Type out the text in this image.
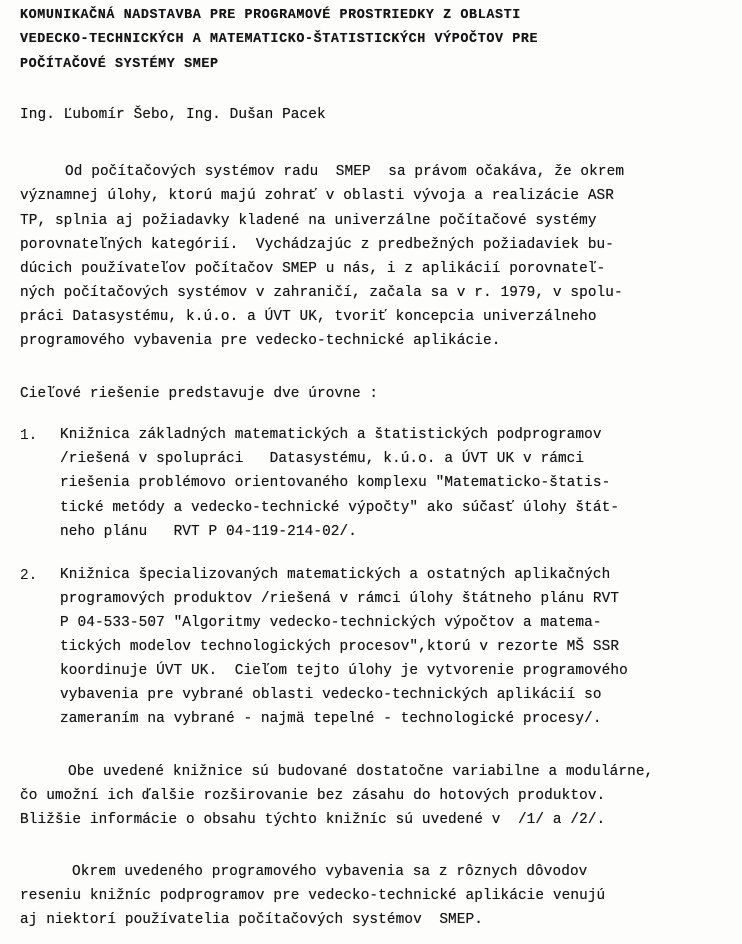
KOMUNIKAČNÁ NADSTAVBA PRE PROGRAMOVÉ PROSTRIEDKY Z OBLASTI
VEDECKO-TECHNICKÝCH A MATEMATICKO-ŠTATISTICKÝCH VÝPOČTOV PRE
POČÍTAČOVÉ SYSTÉMY SMEP
Ing. Ľubomír Šebo, Ing. Dušan Pacek
Od počítačových systémov radu  SMEP  sa právom očakáva, že okrem
významnej úlohy, ktorú majú zohrať v oblasti vývoja a realizácie ASR
TP, splnia aj požiadavky kladené na univerzálne počítačové systémy
porovnateľných kategórií.  Vychádzajúc z predbežných požiadaviek bu-
dúcich používateľov počítačov SMEP u nás, i z aplikácií porovnateľ-
ných počítačových systémov v zahraničí, začala sa v r. 1979, v spolu-
práci Datasystému, k.ú.o. a ÚVT UK, tvoriť koncepcia univerzálneho
programového vybavenia pre vedecko-technické aplikácie.
Cieľové riešenie predstavuje dve úrovne :
1. Knižnica základných matematických a štatistických podprogramov
/riešená v spolupráci   Datasystému, k.ú.o. a ÚVT UK v rámci
riešenia problémovo orientovaného komplexu "Matematicko-štatis-
tické metódy a vedecko-technické výpočty" ako súčasť úlohy štát-
neho plánu   RVT P 04-119-214-02/.
2. Knižnica špecializovaných matematických a ostatných aplikačných
programových produktov /riešená v rámci úlohy štátneho plánu RVT
P 04-533-507 "Algoritmy vedecko-technických výpočtov a matema-
tických modelov technologických procesov",ktorú v rezorte MŠ SSR
koordinuje ÚVT UK.  Cieľom tejto úlohy je vytvorenie programového
vybavenia pre vybrané oblasti vedecko-technických aplikácií so
zameraním na vybrané - najmä tepelné - technologické procesy/.
Obe uvedené knižnice sú budované dostatočne variabilne a modulárne,
čo umožní ich ďalšie rozširovanie bez zásahu do hotových produktov.
Bližšie informácie o obsahu týchto knižníc sú uvedené v  /1/ a /2/.
Okrem uvedeného programového vybavenia sa z rôznych dôvodov
reseniu knižníc podprogramov pre vedecko-technické aplikácie venujú
aj niektorí používatelia počítačových systémov  SMEP.
